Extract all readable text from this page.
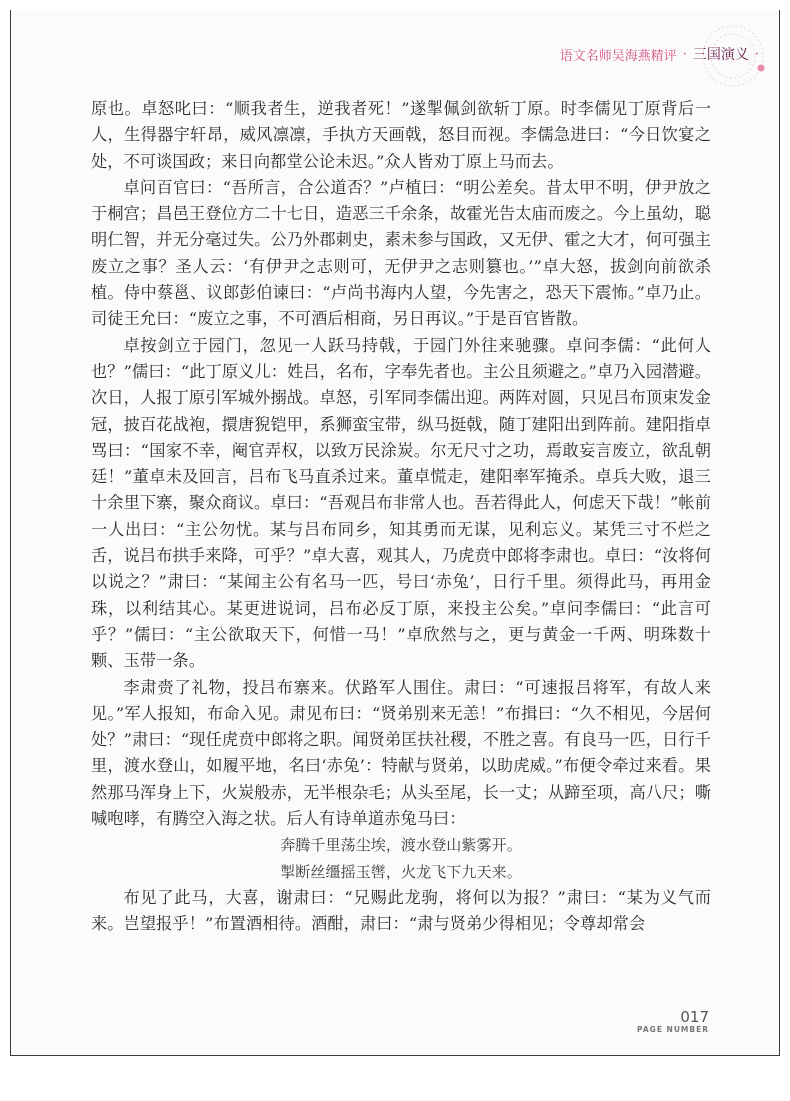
语文名师吴海燕精评 · 三国演义 ·

原也。卓怒叱曰：“顺我者生，逆我者死！”遂掣佩剑欲斩丁原。时李儒见丁原背后一人，生得器宇轩昂，威风凛凛，手执方天画戟，怒目而视。李儒急进曰：“今日饮宴之处，不可谈国政；来日向都堂公论未迟。”众人皆劝丁原上马而去。

卓问百官曰：“吾所言，合公道否？”卢植曰：“明公差矣。昔太甲不明，伊尹放之于桐宫；昌邑王登位方二十七日，造恶三千余条，故霍光告太庙而废之。今上虽幼，聪明仁智，并无分毫过失。公乃外郡刺史，素未参与国政，又无伊、霍之大才，何可强主废立之事？圣人云：‘有伊尹之志则可，无伊尹之志则篡也。’”卓大怒，拔剑向前欲杀植。侍中蔡邕、议郎彭伯谏曰：“卢尚书海内人望，今先害之，恐天下震怖。”卓乃止。司徒王允曰：“废立之事，不可酒后相商，另日再议。”于是百官皆散。

卓按剑立于园门，忽见一人跃马持戟，于园门外往来驰骤。卓问李儒：“此何人也？”儒曰：“此丁原义儿：姓吕，名布，字奉先者也。主公且须避之。”卓乃入园潜避。次日，人报丁原引军城外搦战。卓怒，引军同李儒出迎。两阵对圆，只见吕布顶束发金冠，披百花战袍，擐唐猊铠甲，系狮蛮宝带，纵马挺戟，随丁建阳出到阵前。建阳指卓骂曰：“国家不幸，阉官弄权，以致万民涂炭。尔无尺寸之功，焉敢妄言废立，欲乱朝廷！”董卓未及回言，吕布飞马直杀过来。董卓慌走，建阳率军掩杀。卓兵大败，退三十余里下寨，聚众商议。卓曰：“吾观吕布非常人也。吾若得此人，何虑天下哉！”帐前一人出曰：“主公勿忧。某与吕布同乡，知其勇而无谋，见利忘义。某凭三寸不烂之舌，说吕布拱手来降，可乎？”卓大喜，观其人，乃虎贲中郎将李肃也。卓曰：“汝将何以说之？”肃曰：“某闻主公有名马一匹，号曰‘赤兔’，日行千里。须得此马，再用金珠，以利结其心。某更进说词，吕布必反丁原，来投主公矣。”卓问李儒曰：“此言可乎？”儒曰：“主公欲取天下，何惜一马！”卓欣然与之，更与黄金一千两、明珠数十颗、玉带一条。

李肃赍了礼物，投吕布寨来。伏路军人围住。肃曰：“可速报吕将军，有故人来见。”军人报知，布命入见。肃见布曰：“贤弟别来无恙！”布揖曰：“久不相见，今居何处？”肃曰：“现任虎贲中郎将之职。闻贤弟匡扶社稷，不胜之喜。有良马一匹，日行千里，渡水登山，如履平地，名曰‘赤兔’：特献与贤弟，以助虎威。”布便令牵过来看。果然那马浑身上下，火炭般赤，无半根杂毛；从头至尾，长一丈；从蹄至项，高八尺；嘶喊咆哮，有腾空入海之状。后人有诗单道赤兔马曰：

奔腾千里荡尘埃，渡水登山紫雾开。

掣断丝缰摇玉辔，火龙飞下九天来。

布见了此马，大喜，谢肃曰：“兄赐此龙驹，将何以为报？”肃曰：“某为义气而来。岂望报乎！”布置酒相待。酒酣，肃曰：“肃与贤弟少得相见；令尊却常会

017
PAGE NUMBER
